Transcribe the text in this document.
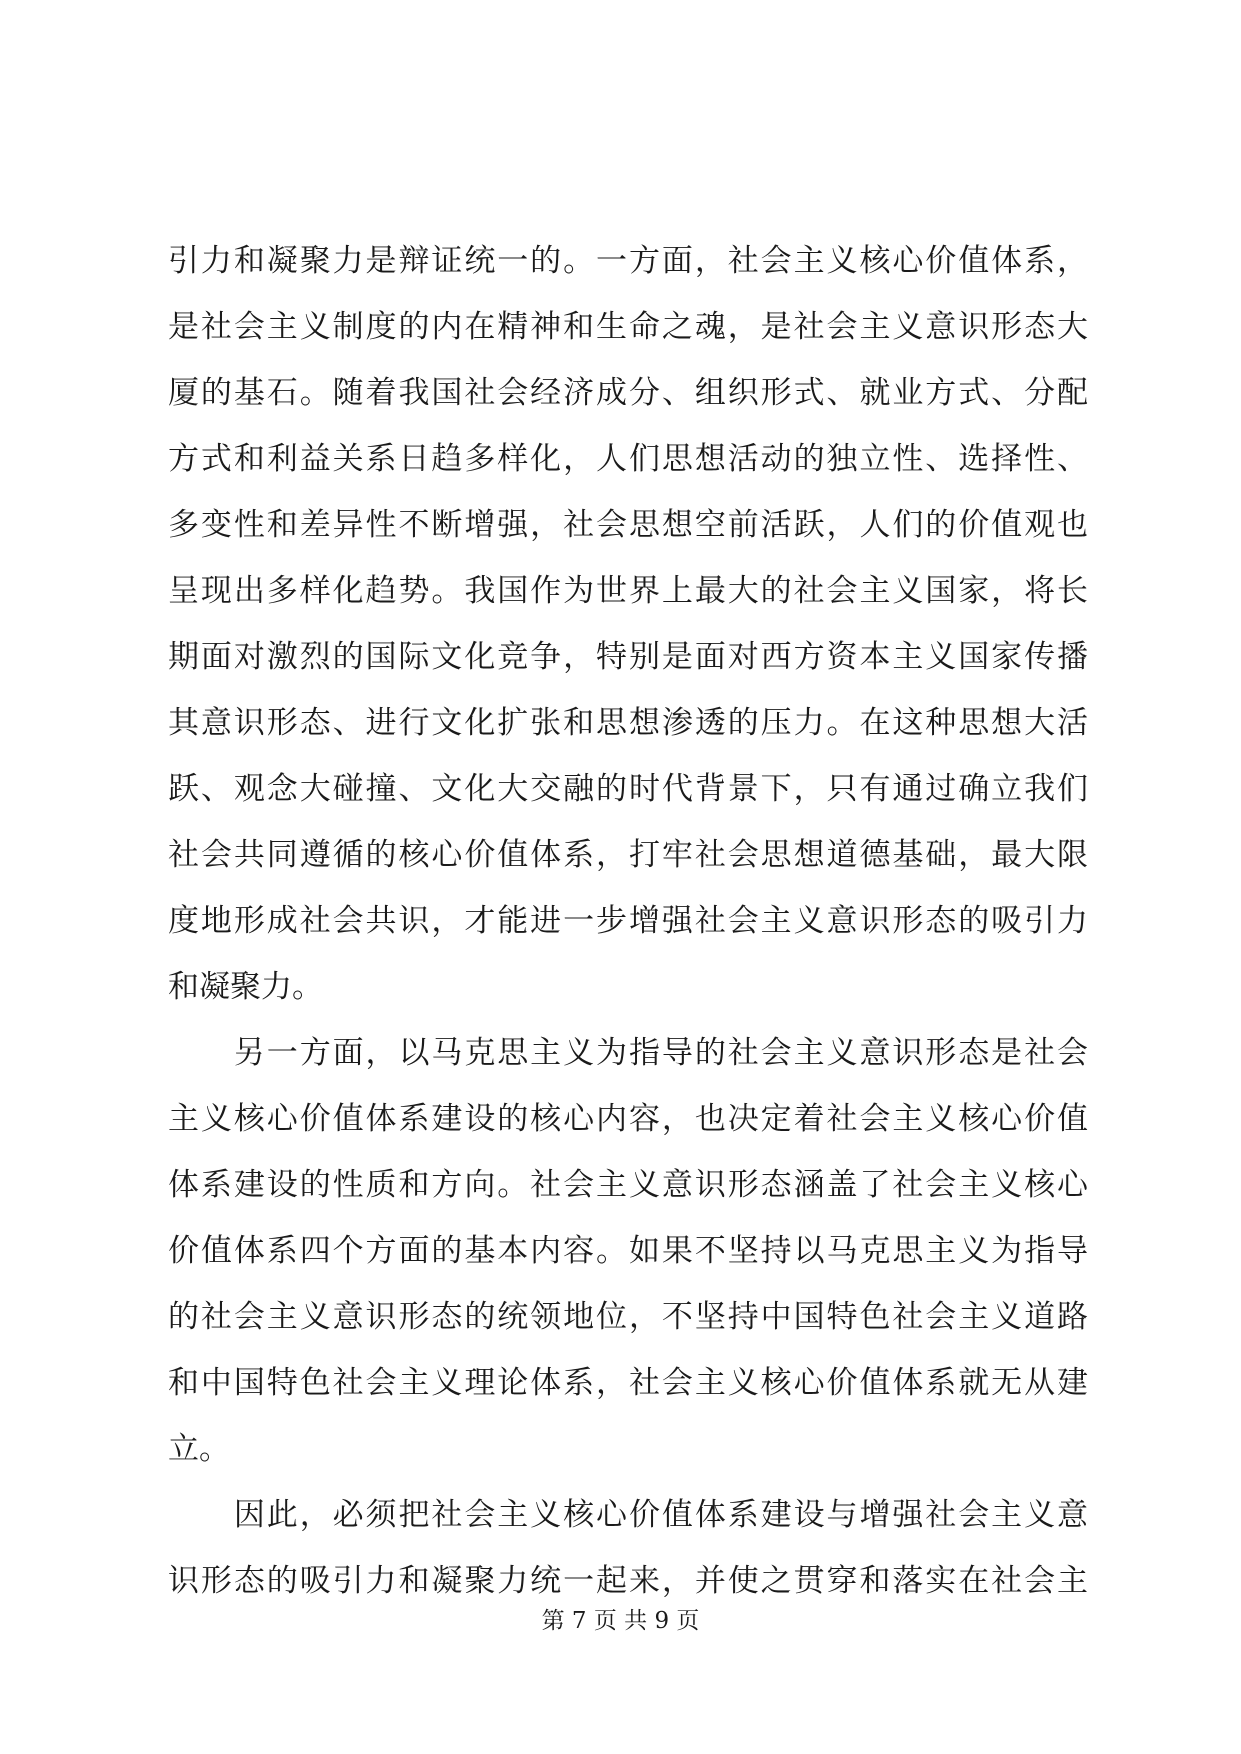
引力和凝聚力是辩证统一的。一方面，社会主义核心价值体系，
是社会主义制度的内在精神和生命之魂，是社会主义意识形态大
厦的基石。随着我国社会经济成分、组织形式、就业方式、分配
方式和利益关系日趋多样化，人们思想活动的独立性、选择性、
多变性和差异性不断增强，社会思想空前活跃，人们的价值观也
呈现出多样化趋势。我国作为世界上最大的社会主义国家，将长
期面对激烈的国际文化竞争，特别是面对西方资本主义国家传播
其意识形态、进行文化扩张和思想渗透的压力。在这种思想大活
跃、观念大碰撞、文化大交融的时代背景下，只有通过确立我们
社会共同遵循的核心价值体系，打牢社会思想道德基础，最大限
度地形成社会共识，才能进一步增强社会主义意识形态的吸引力
和凝聚力。
　　另一方面，以马克思主义为指导的社会主义意识形态是社会
主义核心价值体系建设的核心内容，也决定着社会主义核心价值
体系建设的性质和方向。社会主义意识形态涵盖了社会主义核心
价值体系四个方面的基本内容。如果不坚持以马克思主义为指导
的社会主义意识形态的统领地位，不坚持中国特色社会主义道路
和中国特色社会主义理论体系，社会主义核心价值体系就无从建
立。
　　因此，必须把社会主义核心价值体系建设与增强社会主义意
识形态的吸引力和凝聚力统一起来，并使之贯穿和落实在社会主
第 7 页 共 9 页
